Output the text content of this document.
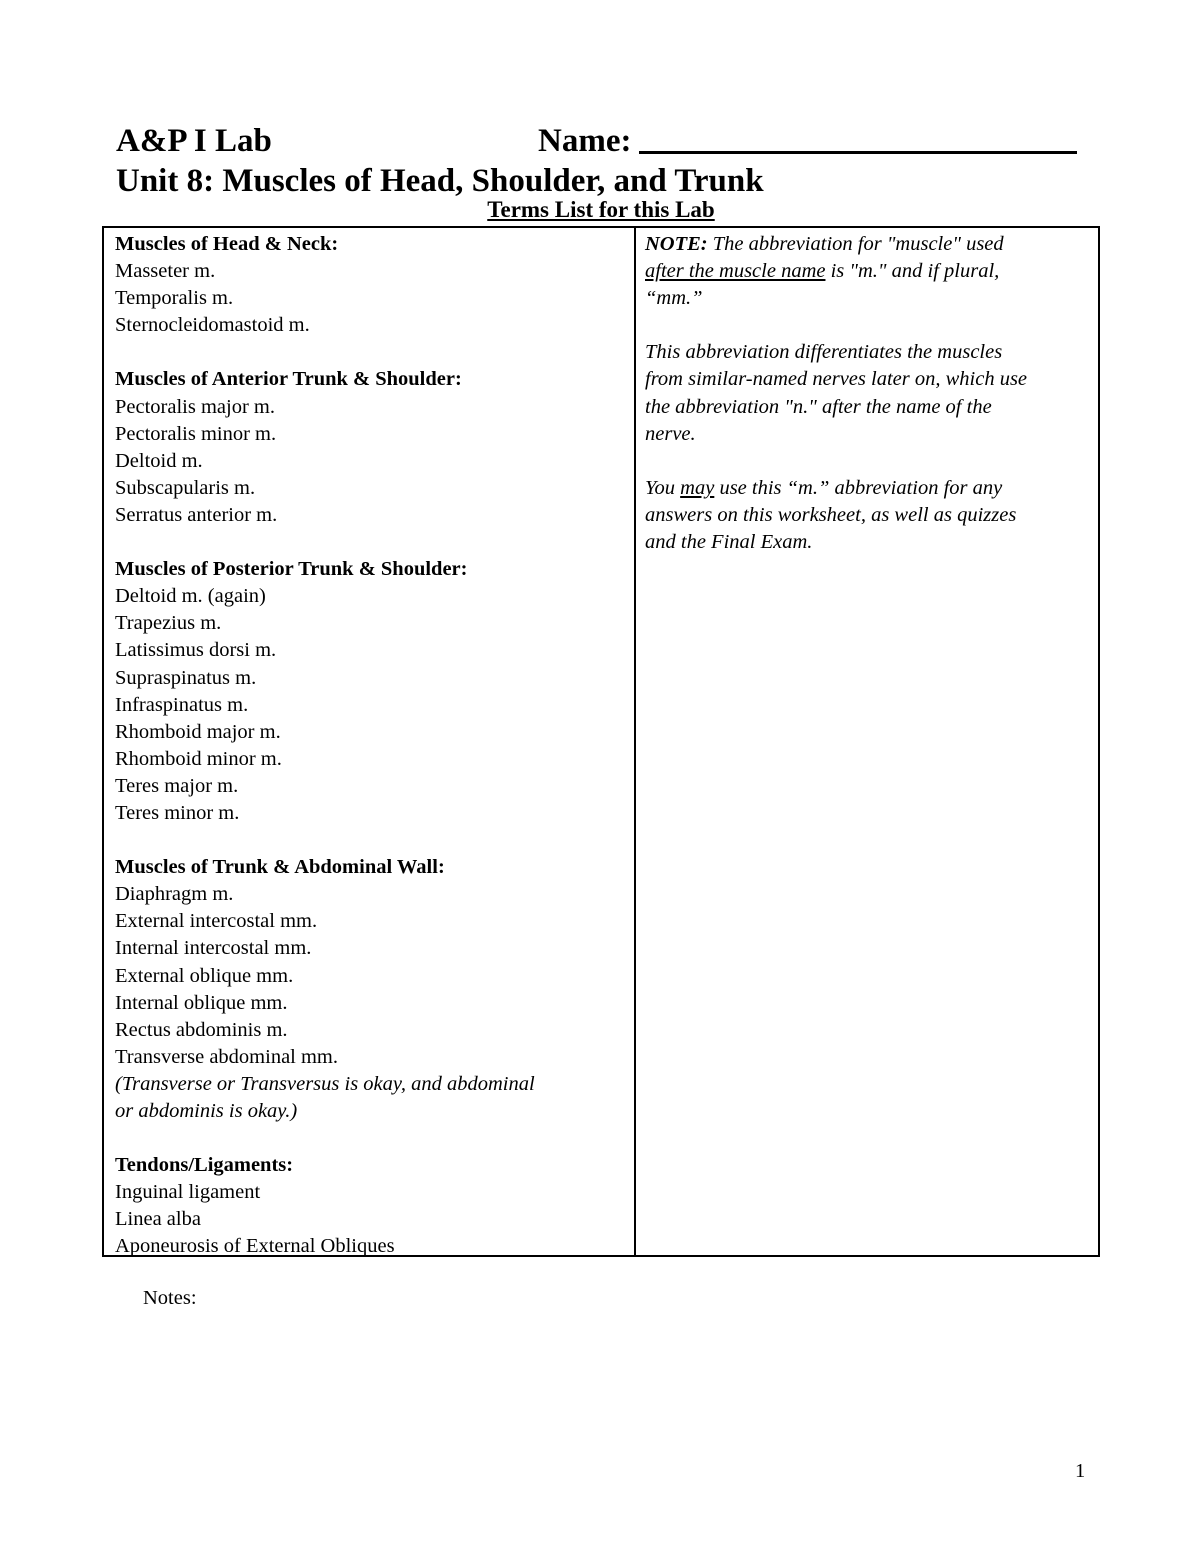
A&P I Lab	Name:
Unit 8: Muscles of Head, Shoulder, and Trunk
Terms List for this Lab
Muscles of Head & Neck:
Masseter m.
Temporalis m.
Sternocleidomastoid m.
Muscles of Anterior Trunk & Shoulder:
Pectoralis major m.
Pectoralis minor m.
Deltoid m.
Subscapularis m.
Serratus anterior m.
Muscles of Posterior Trunk & Shoulder:
Deltoid m. (again)
Trapezius m.
Latissimus dorsi m.
Supraspinatus m.
Infraspinatus m.
Rhomboid major m.
Rhomboid minor m.
Teres major m.
Teres minor m.
Muscles of Trunk & Abdominal Wall:
Diaphragm m.
External intercostal mm.
Internal intercostal mm.
External oblique mm.
Internal oblique mm.
Rectus abdominis m.
Transverse abdominal mm.
(Transverse or Transversus is okay, and abdominal
or abdominis is okay.)
Tendons/Ligaments:
Inguinal ligament
Linea alba
Aponeurosis of External Obliques
NOTE: The abbreviation for "muscle" used
after the muscle name is "m." and if plural,
“mm.”
This abbreviation differentiates the muscles
from similar-named nerves later on, which use
the abbreviation "n." after the name of the
nerve.
You may use this “m.” abbreviation for any
answers on this worksheet, as well as quizzes
and the Final Exam.
Notes:
1
